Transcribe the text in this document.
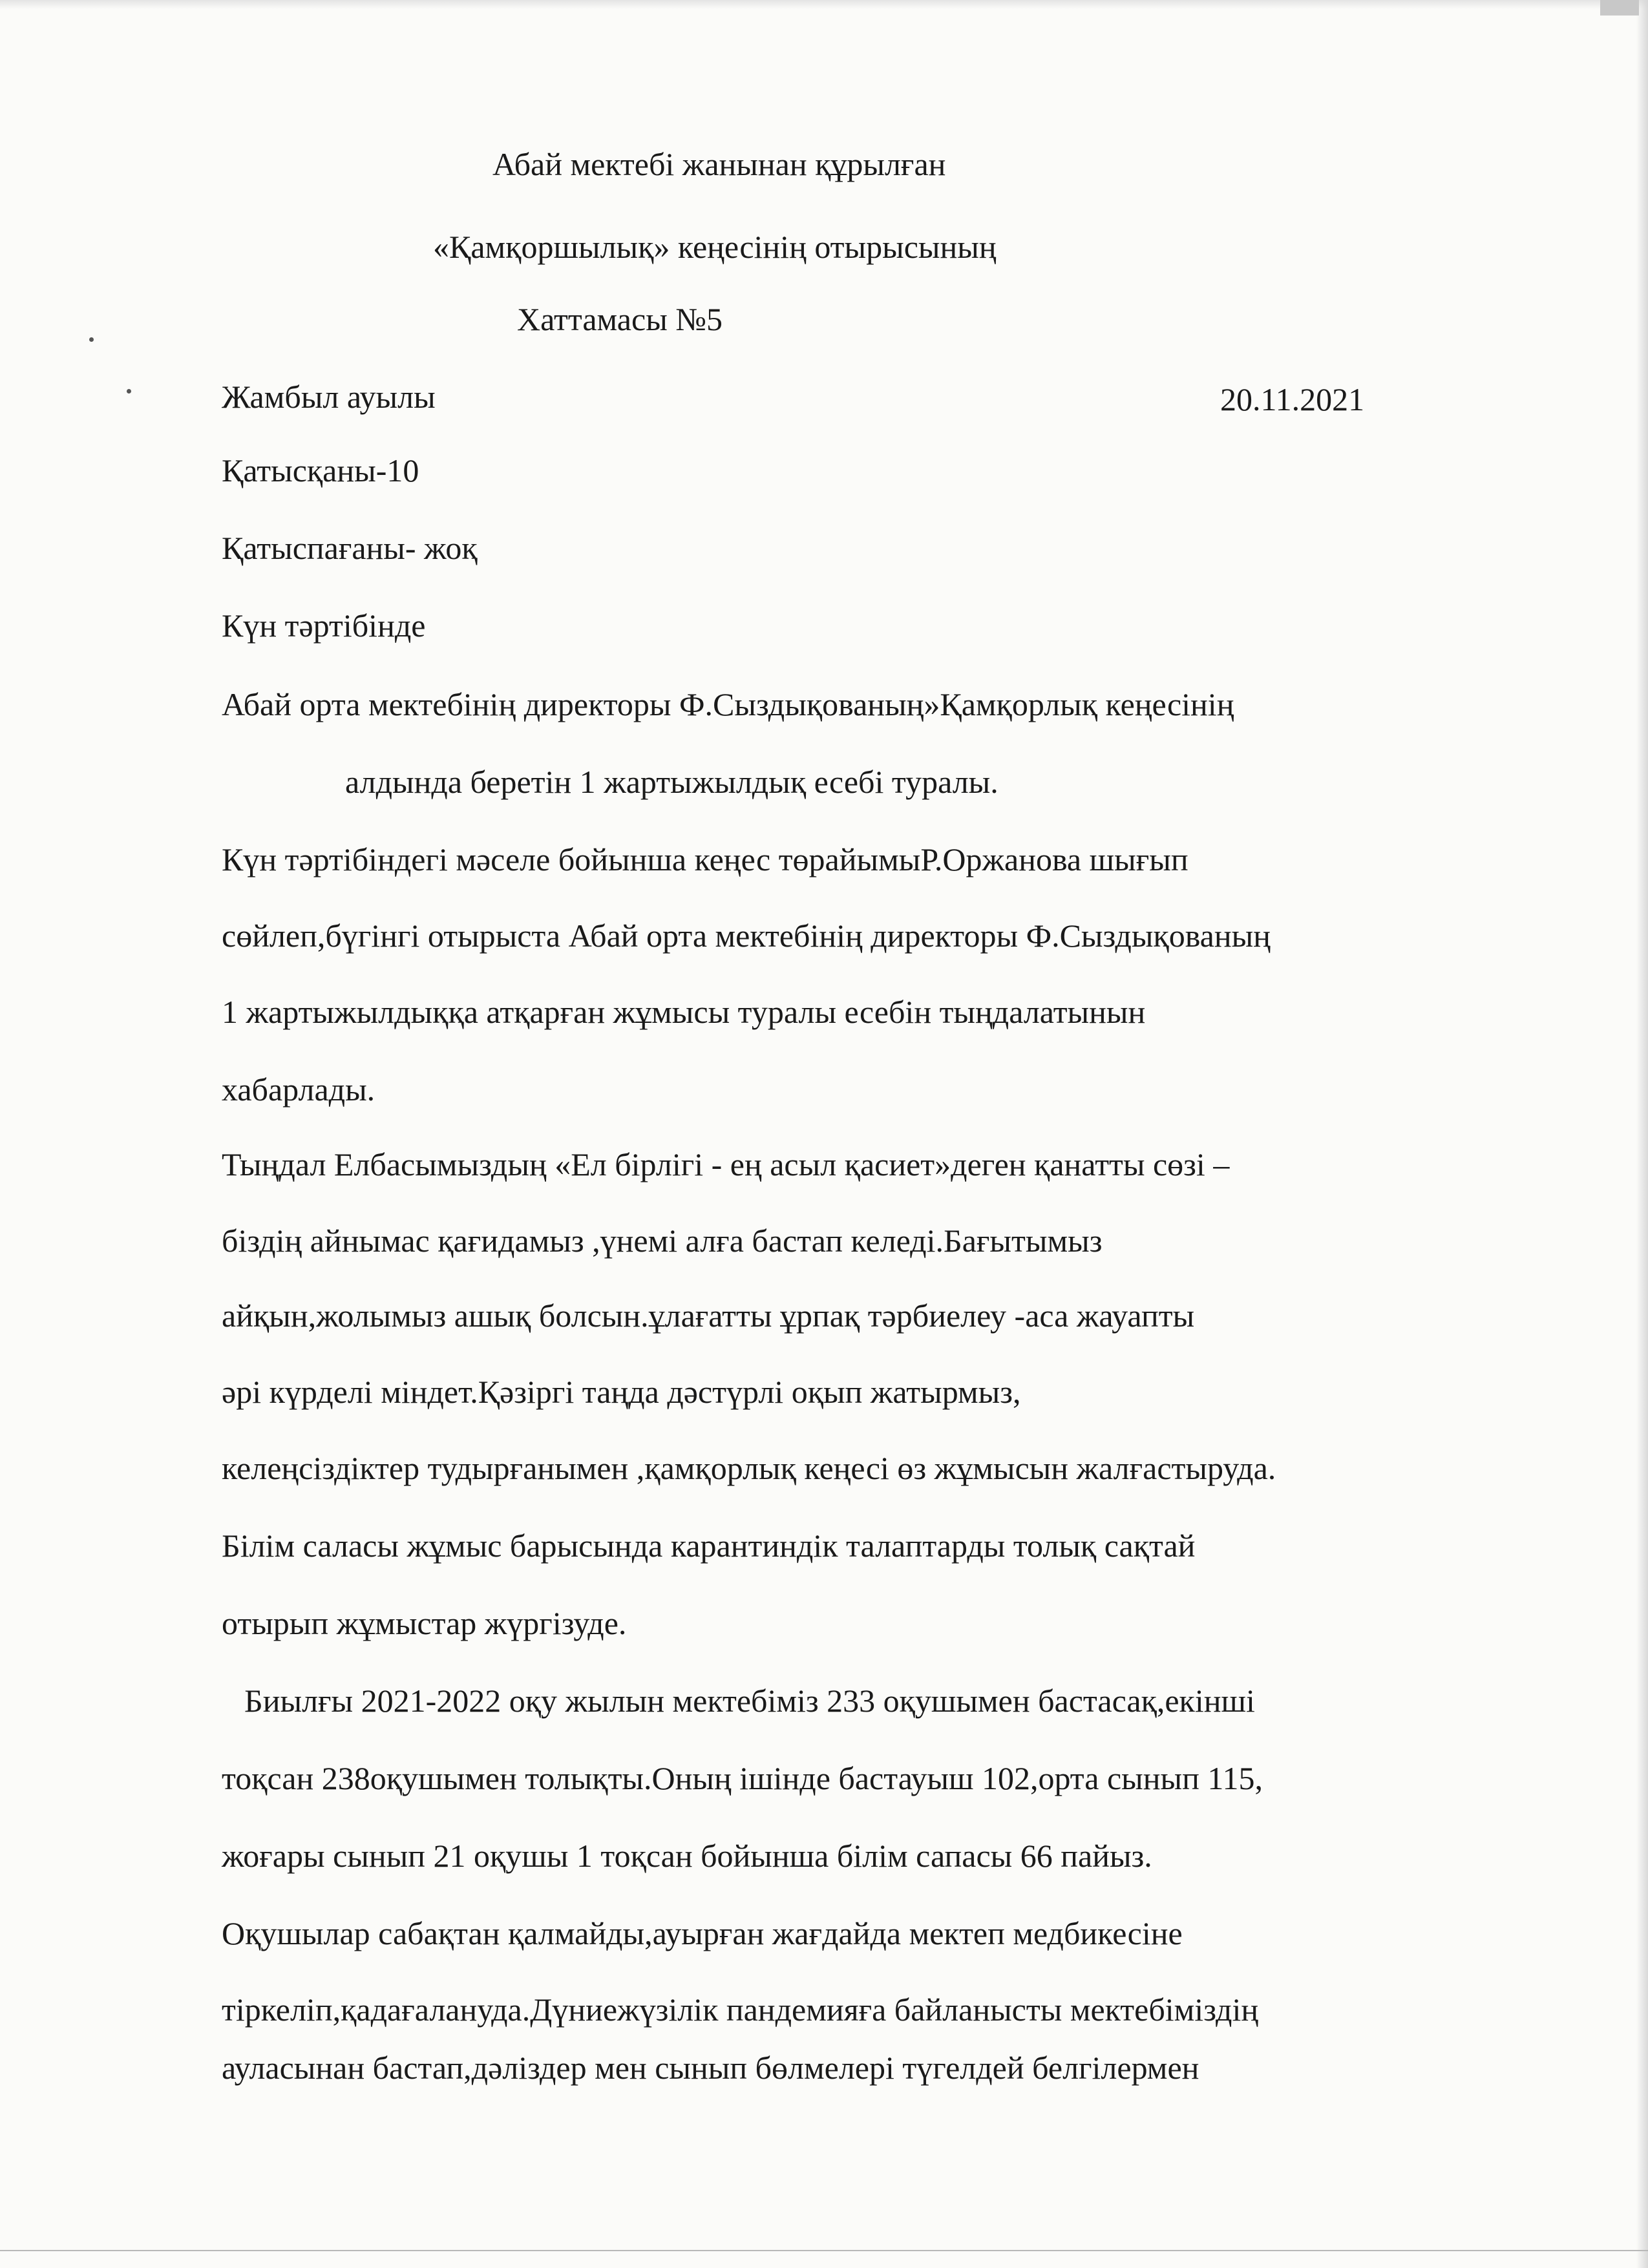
Абай мектебі жанынан құрылған
«Қамқоршылық» кеңесінің отырысының
Хаттамасы №5
Жамбыл ауылы	20.11.2021
Қатысқаны-10
Қатыспағаны- жоқ
Күн тәртібінде
Абай орта мектебінің директоры Ф.Сыздықованың»Қамқорлық кеңесінің
алдында беретін 1 жартыжылдық есебі туралы.
Күн тәртібіндегі мәселе бойынша кеңес төрайымыР.Оржанова шығып
сөйлеп,бүгінгі отырыста Абай орта мектебінің директоры Ф.Сыздықованың
1 жартыжылдыққа атқарған жұмысы туралы есебін тыңдалатынын
хабарлады.
Тыңдал Елбасымыздың «Ел бірлігі - ең асыл қасиет»деген қанатты сөзі –
біздің айнымас қағидамыз ,үнемі алға бастап келеді.Бағытымыз
айқын,жолымыз ашық болсын.ұлағатты ұрпақ тәрбиелеу -аса жауапты
әрі күрделі міндет.Қәзіргі таңда дәстүрлі оқып жатырмыз,
келеңсіздіктер тудырғанымен ,қамқорлық кеңесі өз жұмысын жалғастыруда.
Білім саласы жұмыс барысында карантиндік талаптарды толық сақтай
отырып жұмыстар жүргізуде.
Биылғы 2021-2022 оқу жылын мектебіміз 233 оқушымен бастасақ,екінші
тоқсан 238оқушымен толықты.Оның ішінде бастауыш 102,орта сынып 115,
жоғары сынып 21 оқушы 1 тоқсан бойынша білім сапасы 66 пайыз.
Оқушылар сабақтан қалмайды,ауырған жағдайда мектеп медбикесіне
тіркеліп,қадағалануда.Дүниежүзілік пандемияға байланысты мектебіміздің
ауласынан бастап,дәліздер мен сынып бөлмелері түгелдей белгілермен
